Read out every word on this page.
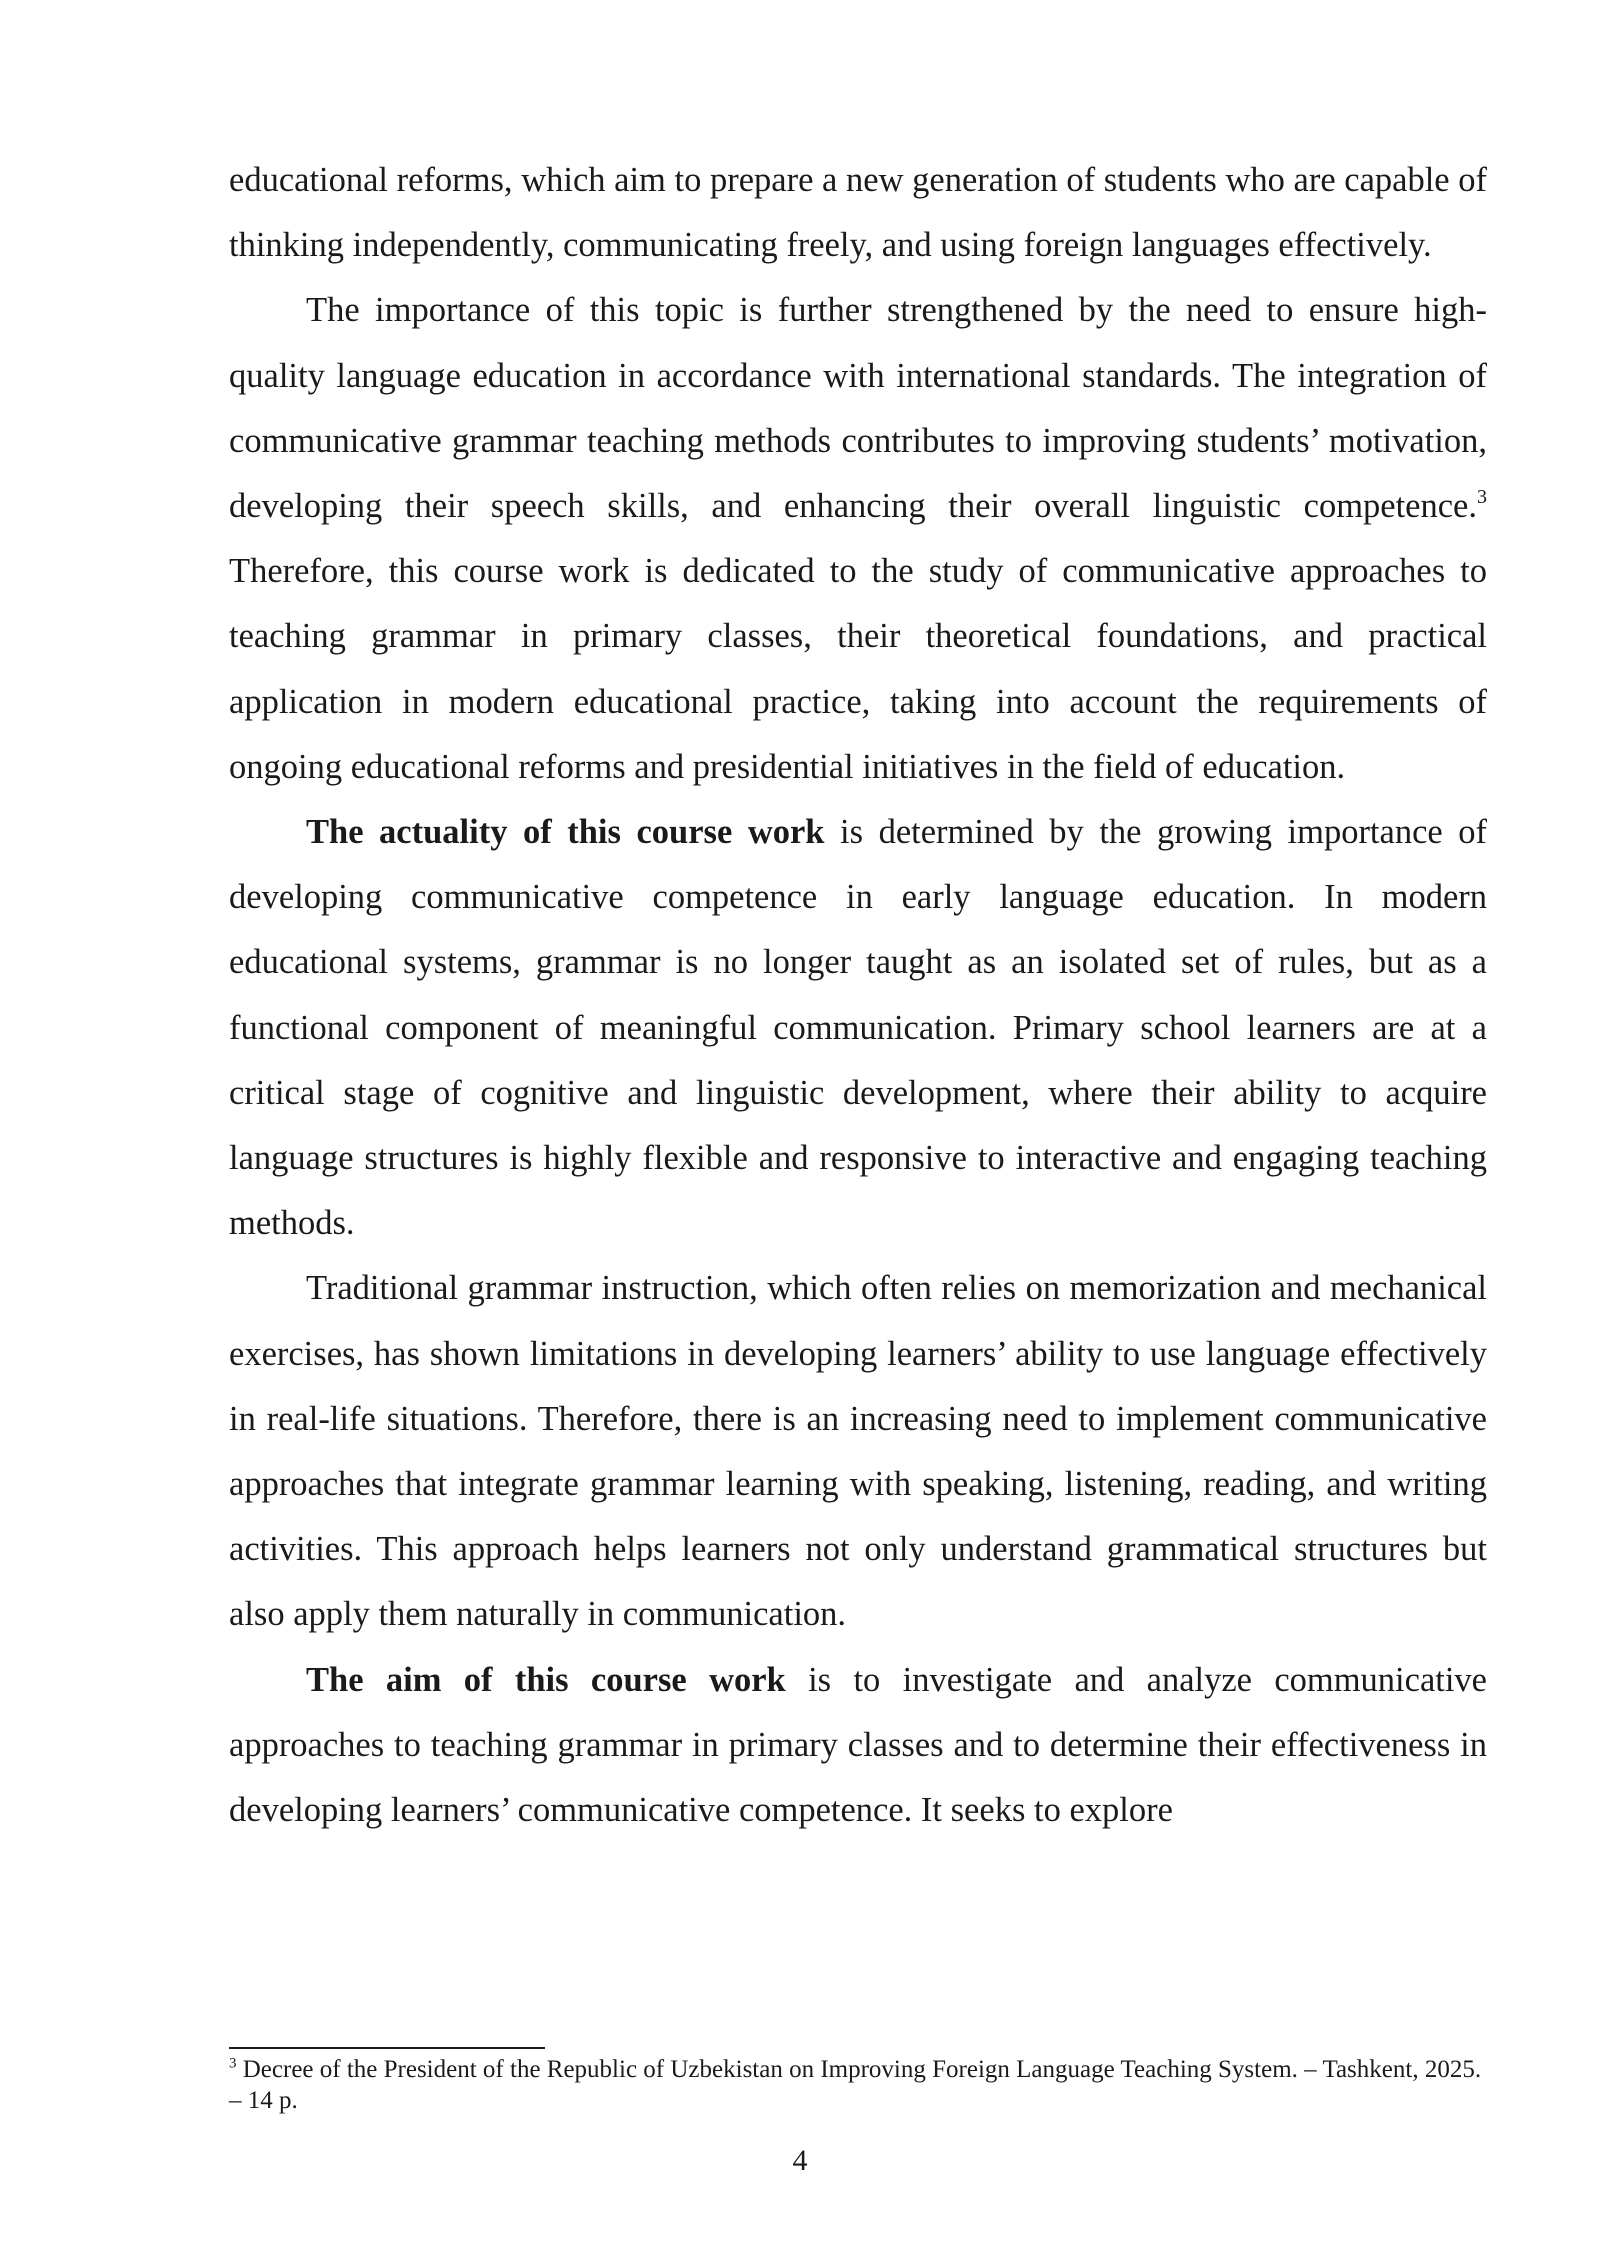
educational reforms, which aim to prepare a new generation of students who are capable of thinking independently, communicating freely, and using foreign languages effectively.

The importance of this topic is further strengthened by the need to ensure high-quality language education in accordance with international standards. The integration of communicative grammar teaching methods contributes to improving students’ motivation, developing their speech skills, and enhancing their overall linguistic competence.$^3$ Therefore, this course work is dedicated to the study of communicative approaches to teaching grammar in primary classes, their theoretical foundations, and practical application in modern educational practice, taking into account the requirements of ongoing educational reforms and presidential initiatives in the field of education.

The actuality of this course work is determined by the growing importance of developing communicative competence in early language education. In modern educational systems, grammar is no longer taught as an isolated set of rules, but as a functional component of meaningful communication. Primary school learners are at a critical stage of cognitive and linguistic development, where their ability to acquire language structures is highly flexible and responsive to interactive and engaging teaching methods.

Traditional grammar instruction, which often relies on memorization and mechanical exercises, has shown limitations in developing learners’ ability to use language effectively in real-life situations. Therefore, there is an increasing need to implement communicative approaches that integrate grammar learning with speaking, listening, reading, and writing activities. This approach helps learners not only understand grammatical structures but also apply them naturally in communication.

The aim of this course work is to investigate and analyze communicative approaches to teaching grammar in primary classes and to determine their effectiveness in developing learners’ communicative competence. It seeks to explore

$^3$ Decree of the President of the Republic of Uzbekistan on Improving Foreign Language Teaching System. – Tashkent, 2025. – 14 p.
4
